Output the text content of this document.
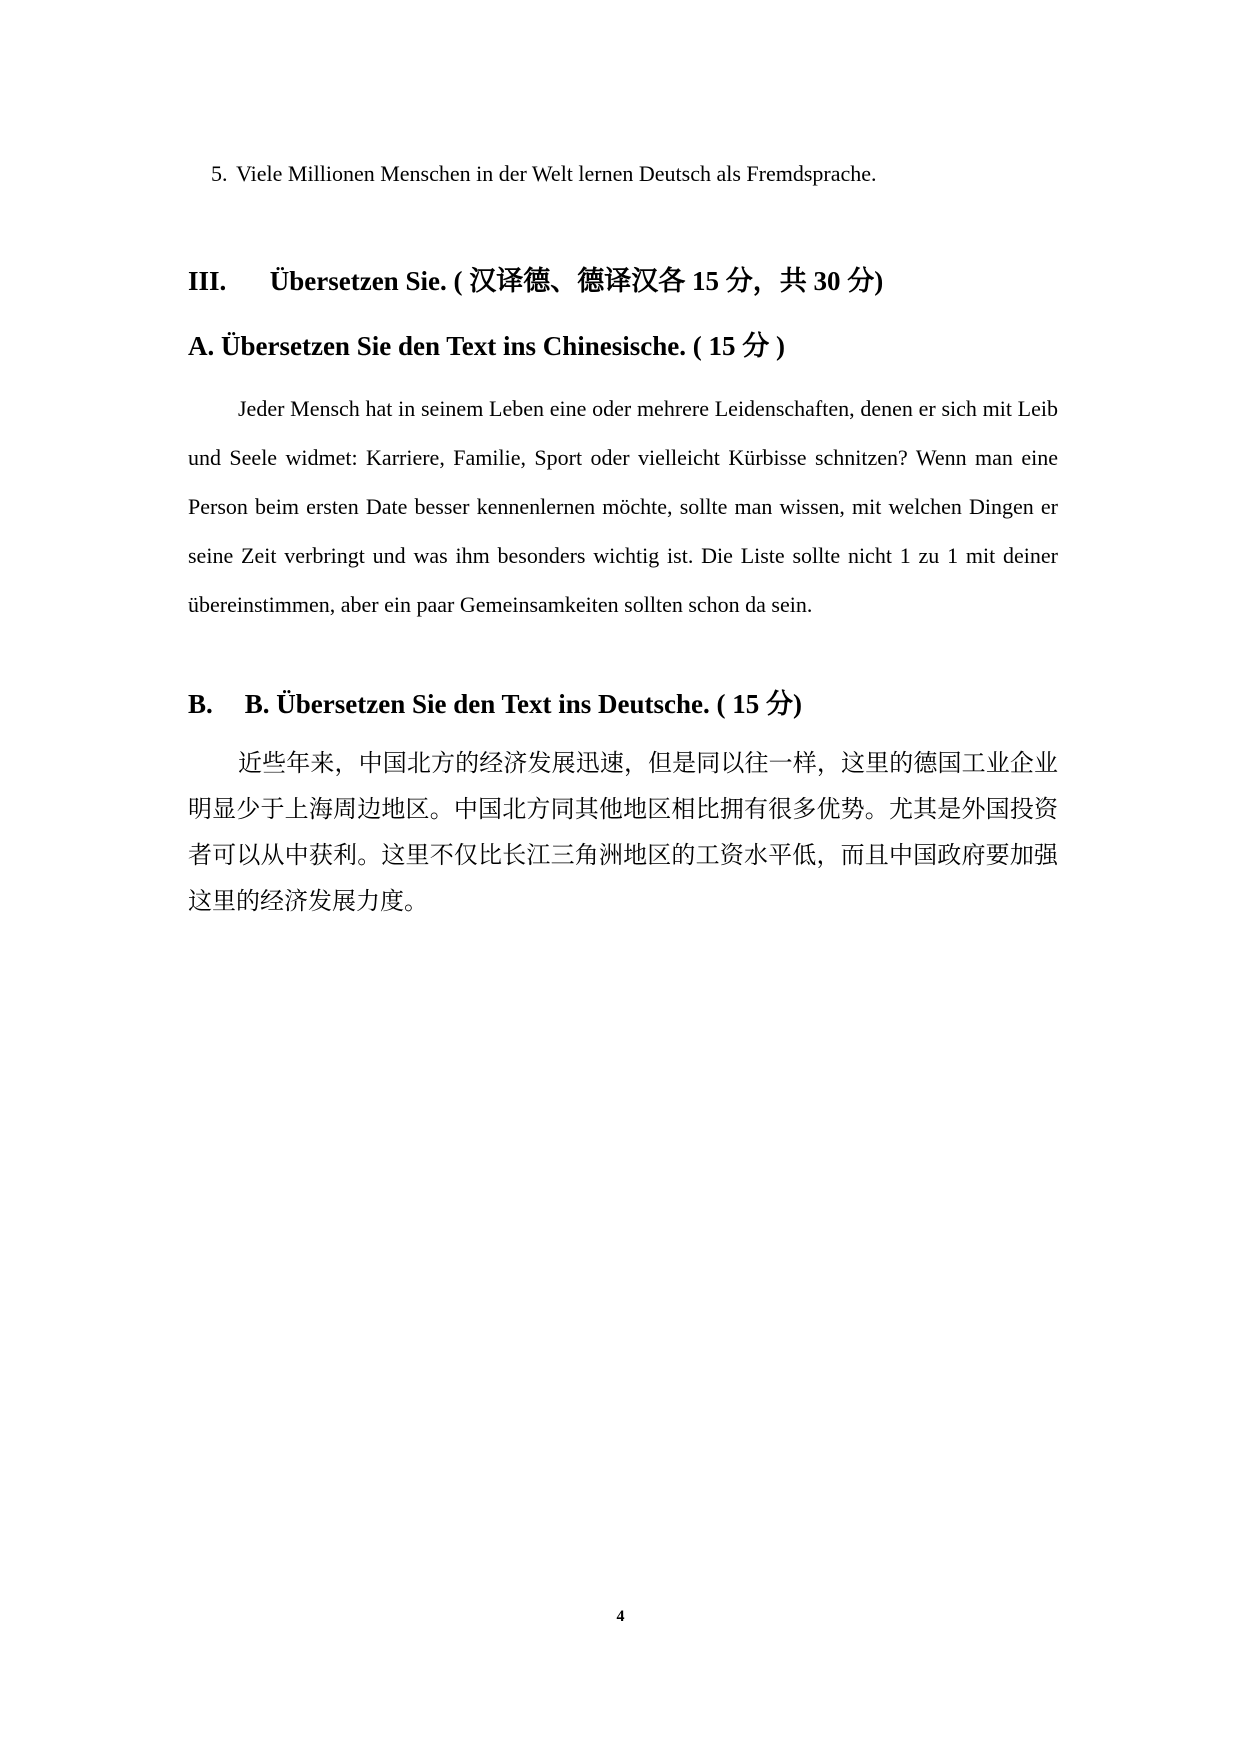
5. Viele Millionen Menschen in der Welt lernen Deutsch als Fremdsprache.
III. Übersetzen Sie. ( 汉译德、德译汉各 15 分，共 30 分)
A. Übersetzen Sie den Text ins Chinesische. ( 15 分 )
Jeder Mensch hat in seinem Leben eine oder mehrere Leidenschaften, denen er sich mit Leib und Seele widmet: Karriere, Familie, Sport oder vielleicht Kürbisse schnitzen? Wenn man eine Person beim ersten Date besser kennenlernen möchte, sollte man wissen, mit welchen Dingen er seine Zeit verbringt und was ihm besonders wichtig ist. Die Liste sollte nicht 1 zu 1 mit deiner übereinstimmen, aber ein paar Gemeinsamkeiten sollten schon da sein.
B. B. Übersetzen Sie den Text ins Deutsche. ( 15 分)
近些年来，中国北方的经济发展迅速，但是同以往一样，这里的德国工业企业明显少于上海周边地区。中国北方同其他地区相比拥有很多优势。尤其是外国投资者可以从中获利。这里不仅比长江三角洲地区的工资水平低，而且中国政府要加强这里的经济发展力度。
4
